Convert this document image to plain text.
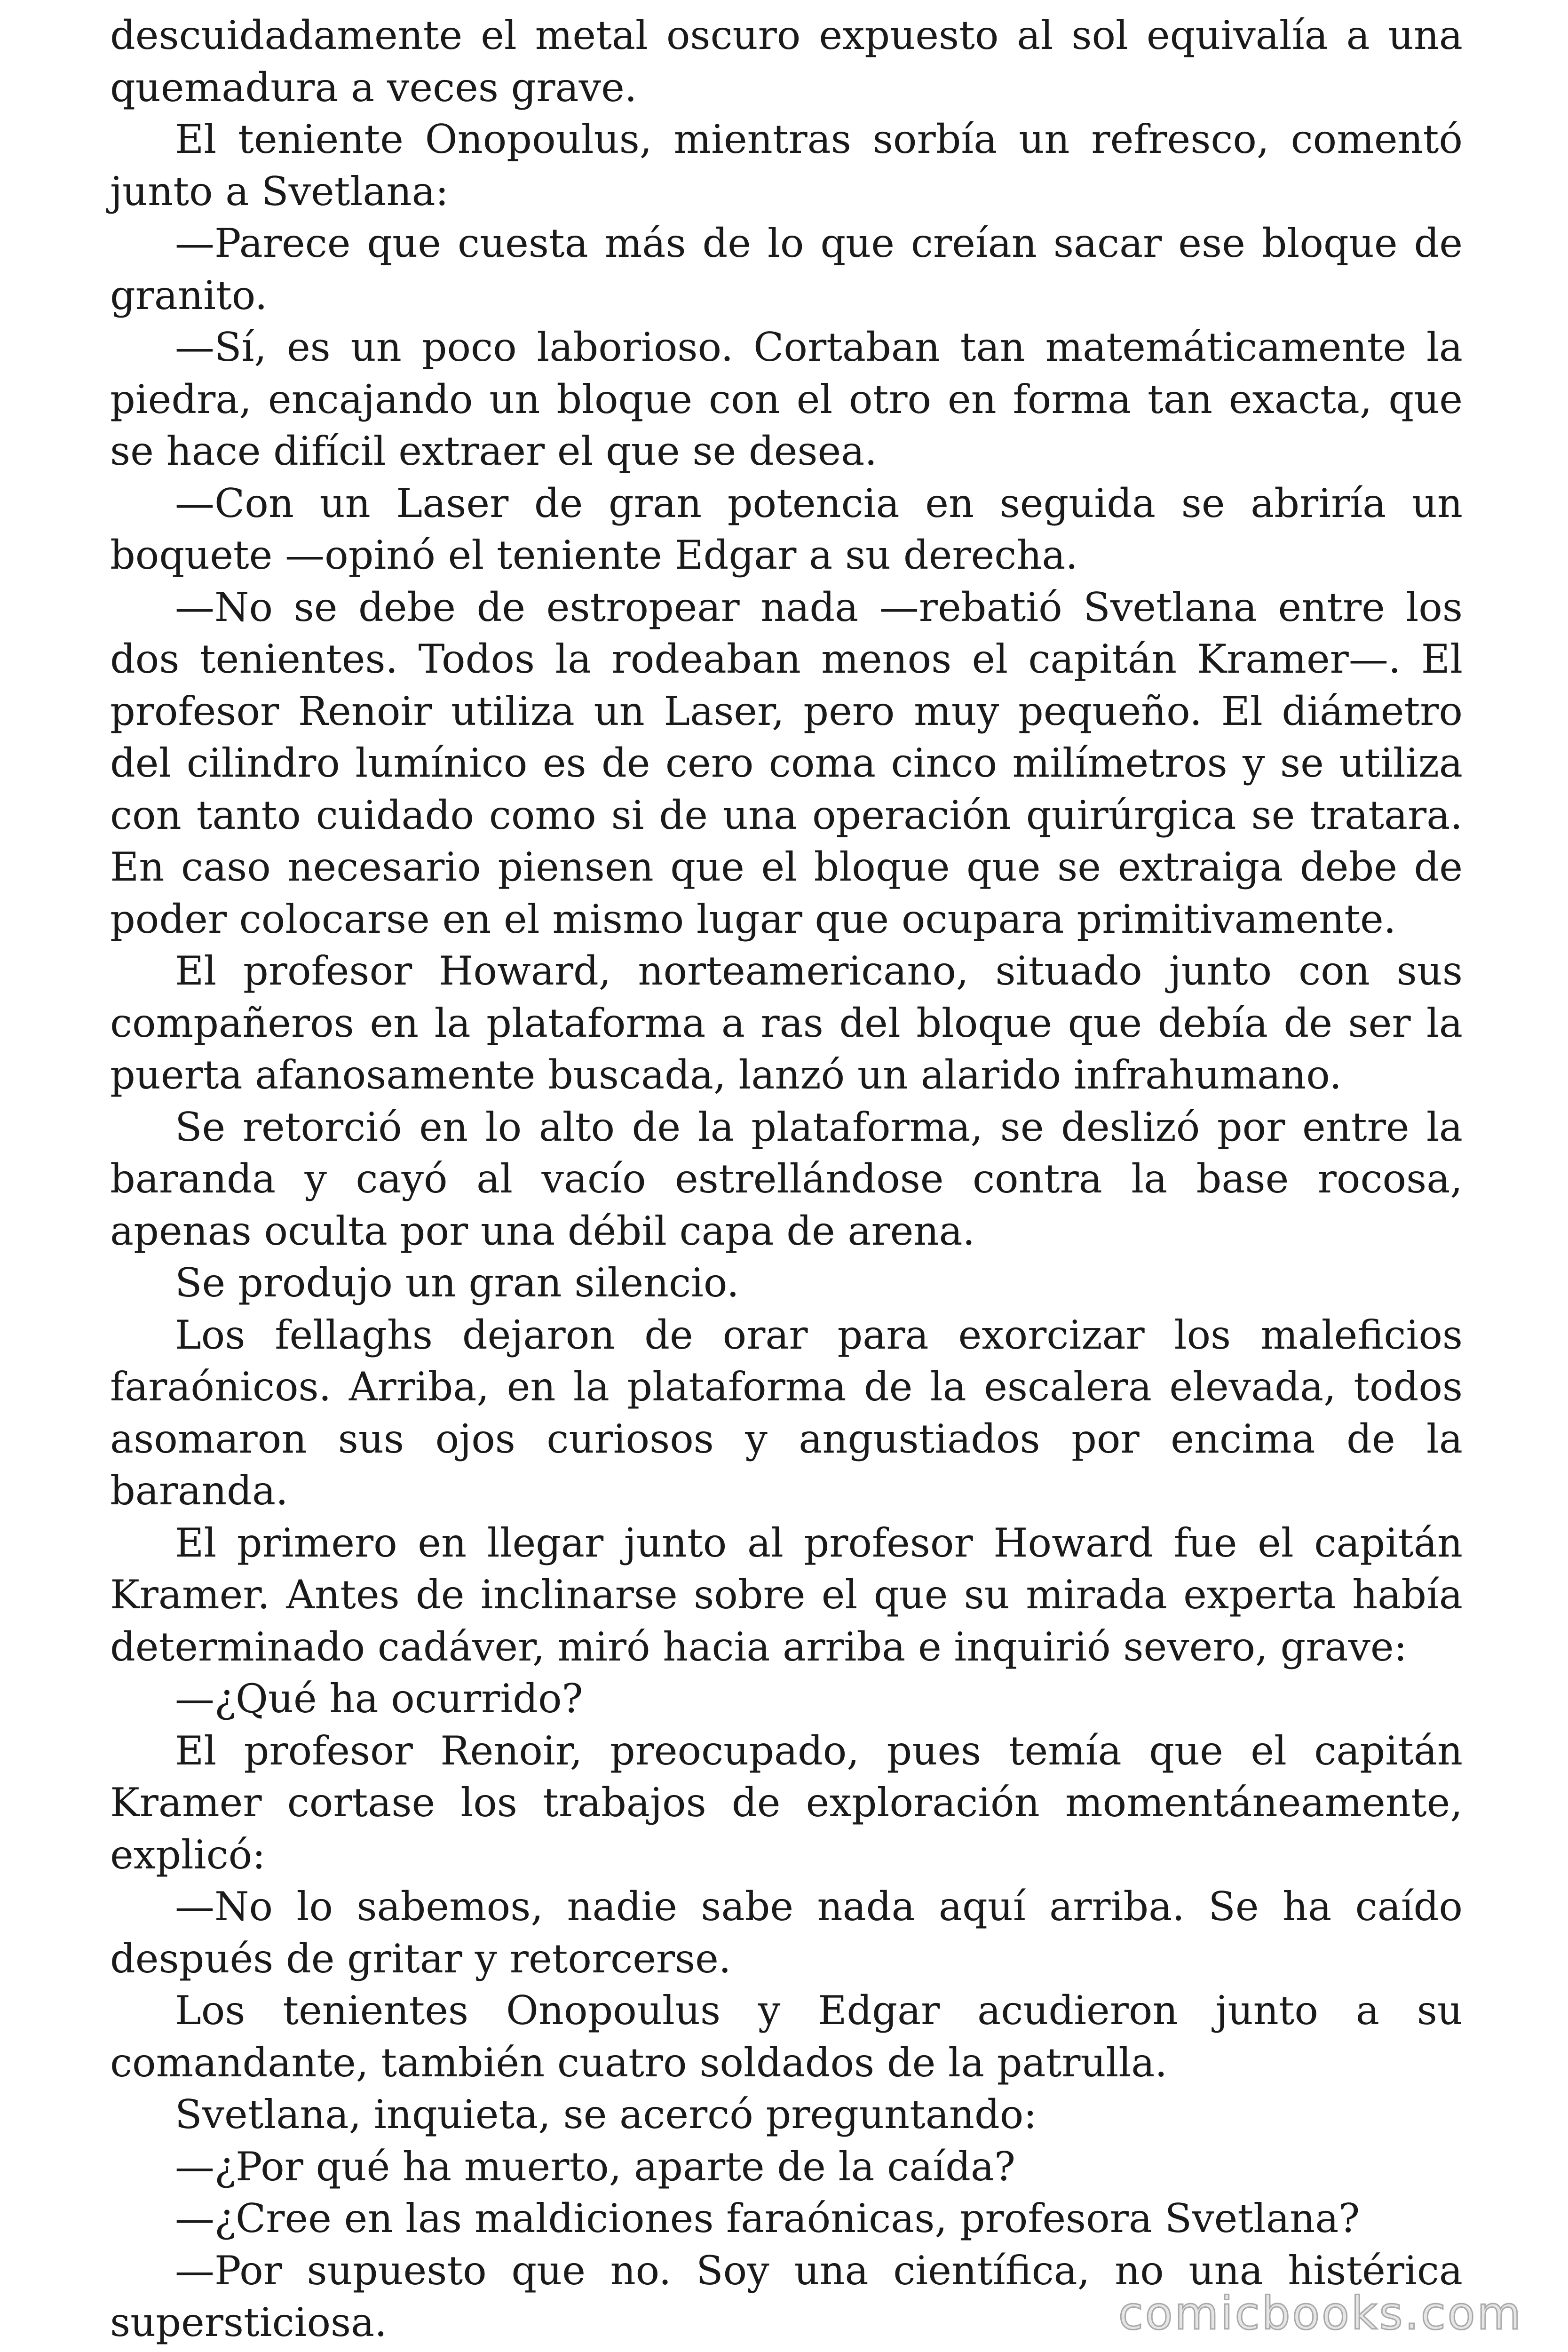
descuidadamente el metal oscuro expuesto al sol equivalía a una quemadura a veces grave.

El teniente Onopoulus, mientras sorbía un refresco, comentó junto a Svetlana:

—Parece que cuesta más de lo que creían sacar ese bloque de granito.

—Sí, es un poco laborioso. Cortaban tan matemáticamente la piedra, encajando un bloque con el otro en forma tan exacta, que se hace difícil extraer el que se desea.

—Con un Laser de gran potencia en seguida se abriría un boquete —opinó el teniente Edgar a su derecha.

—No se debe de estropear nada —rebatió Svetlana entre los dos tenientes. Todos la rodeaban menos el capitán Kramer—. El profesor Renoir utiliza un Laser, pero muy pequeño. El diámetro del cilindro lumínico es de cero coma cinco milímetros y se utiliza con tanto cuidado como si de una operación quirúrgica se tratara. En caso necesario piensen que el bloque que se extraiga debe de poder colocarse en el mismo lugar que ocupara primitivamente.

El profesor Howard, norteamericano, situado junto con sus compañeros en la plataforma a ras del bloque que debía de ser la puerta afanosamente buscada, lanzó un alarido infrahumano.

Se retorció en lo alto de la plataforma, se deslizó por entre la baranda y cayó al vacío estrellándose contra la base rocosa, apenas oculta por una débil capa de arena.

Se produjo un gran silencio.

Los fellaghs dejaron de orar para exorcizar los maleficios faraónicos. Arriba, en la plataforma de la escalera elevada, todos asomaron sus ojos curiosos y angustiados por encima de la baranda.

El primero en llegar junto al profesor Howard fue el capitán Kramer. Antes de inclinarse sobre el que su mirada experta había determinado cadáver, miró hacia arriba e inquirió severo, grave:

—¿Qué ha ocurrido?

El profesor Renoir, preocupado, pues temía que el capitán Kramer cortase los trabajos de exploración momentáneamente, explicó:

—No lo sabemos, nadie sabe nada aquí arriba. Se ha caído después de gritar y retorcerse.

Los tenientes Onopoulus y Edgar acudieron junto a su comandante, también cuatro soldados de la patrulla.

Svetlana, inquieta, se acercó preguntando:

—¿Por qué ha muerto, aparte de la caída?

—¿Cree en las maldiciones faraónicas, profesora Svetlana?

—Por supuesto que no. Soy una científica, no una histérica supersticiosa.	comicbooks.com
